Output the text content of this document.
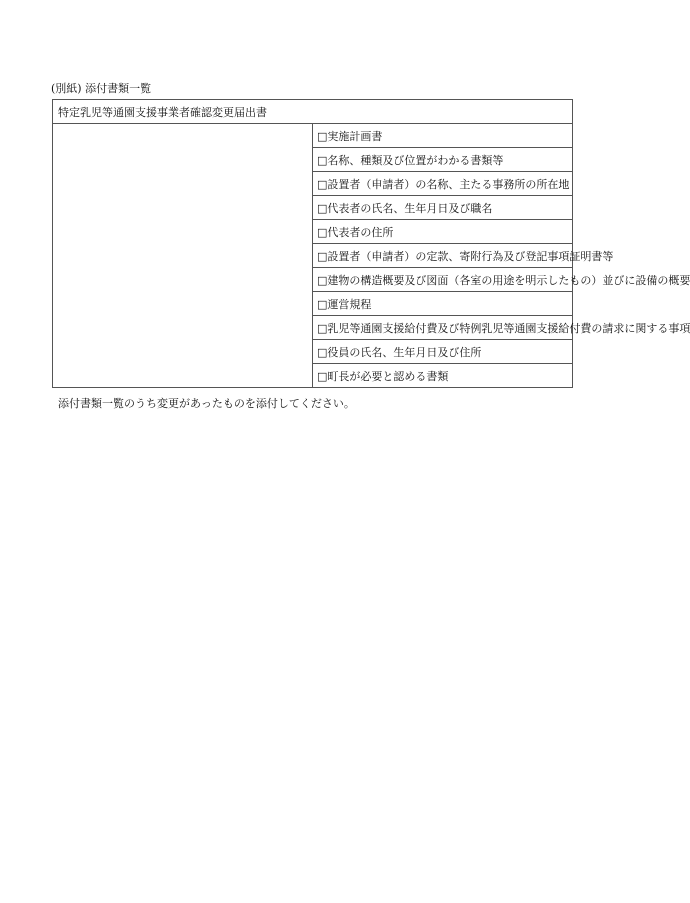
(別紙) 添付書類一覧
特定乳児等通園支援事業者確認変更届出書	
	□実施計画書
	□名称、種類及び位置がわかる書類等
	□設置者（申請者）の名称、主たる事務所の所在地
	□代表者の氏名、生年月日及び職名
	□代表者の住所
	□設置者（申請者）の定款、寄附行為及び登記事項証明書等
	□建物の構造概要及び図面（各室の用途を明示したもの）並びに設備の概要
	□運営規程
	□乳児等通園支援給付費及び特例乳児等通園支援給付費の請求に関する事項
	□役員の氏名、生年月日及び住所
	□町長が必要と認める書類
添付書類一覧のうち変更があったものを添付してください。
